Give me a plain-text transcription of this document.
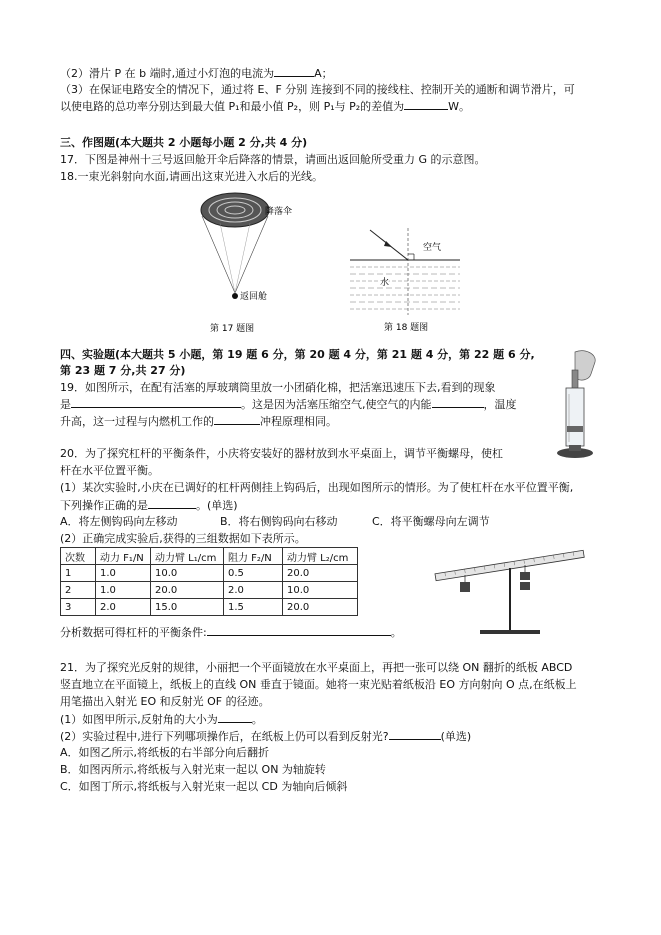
（2）滑片 P 在 b 端时,通过小灯泡的电流为	A；
（3）在保证电路安全的情况下，通过将 E、F 分别 连接到不同的接线柱、控制开关的通断和调节滑片，可
以使电路的总功率分别达到最大值 P₁和最小值 P₂，则 P₁与 P₂的差值为	W。
三、作图题(本大题共 2 小题每小题 2 分,共 4 分)
17．下图是神州十三号返回舱开伞后降落的情景，请画出返回舱所受重力 G 的示意图。
18.一束光斜射向水面,请画出这束光进入水后的光线。
降落伞
返回舱
第 17 题图
空气
水
第 18 题图
四、实验题(本大题共 5 小题，第 19 题 6 分，第 20 题 4 分，第 21 题 4 分，第 22 题 6 分,
第 23 题 7 分,共 27 分)
19．如图所示，在配有活塞的厚玻璃筒里放一小团硝化棉，把活塞迅速压下去,看到的现象
是	。这是因为活塞压缩空气,使空气的内能	，温度
升高，这一过程与内燃机工作的	冲程原理相同。
20．为了探究杠杆的平衡条件，小庆将安装好的器材放到水平桌面上，调节平衡螺母，使杠
杆在水平位置平衡。
(1）某次实验时,小庆在已调好的杠杆两侧挂上钩码后，出现如图所示的情形。为了使杠杆在水平位置平衡,
下列操作正确的是	。(单选)
A．将左侧钩码向左移动	B．将右侧钩码向右移动	C．将平衡螺母向左调节
(2）正确完成实验后,获得的三组数据如下表所示。
次数	动力 F₁/N	动力臂 L₁/cm	阻力 F₂/N	动力臂 L₂/cm
1	1.0	10.0	0.5	20.0
2	1.0	20.0	2.0	10.0
3	2.0	15.0	1.5	20.0
分析数据可得杠杆的平衡条件:	。
21．为了探究光反射的规律，小丽把一个平面镜放在水平桌面上，再把一张可以绕 ON 翻折的纸板 ABCD
竖直地立在平面镜上，纸板上的直线 ON 垂直于镜面。她将一束光贴着纸板沿 EO 方向射向 O 点,在纸板上
用笔描出入射光 EO 和反射光 OF 的径迹。
(1）如图甲所示,反射角的大小为	。
(2）实验过程中,进行下列哪项操作后，在纸板上仍可以看到反射光?	(单选)
A．如图乙所示,将纸板的右半部分向后翻折
B．如图丙所示,将纸板与入射光束一起以 ON 为轴旋转
C．如图丁所示,将纸板与入射光束一起以 CD 为轴向后倾斜
